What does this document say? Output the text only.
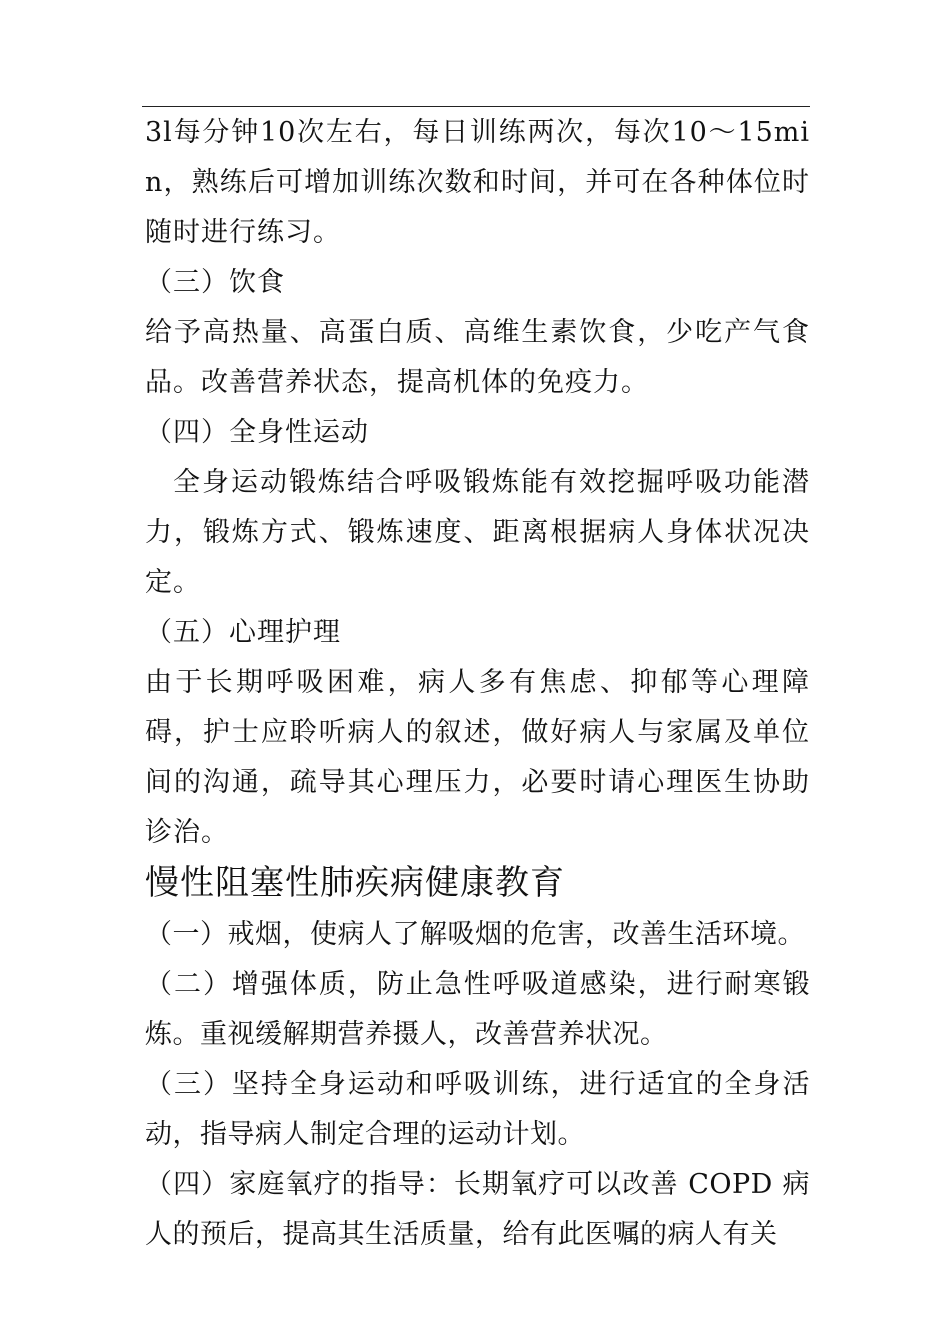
3l每分钟10次左右，每日训练两次，每次10～15min，熟练后可增加训练次数和时间，并可在各种体位时随时进行练习。

（三）饮食

给予高热量、高蛋白质、高维生素饮食，少吃产气食品。改善营养状态，提高机体的免疫力。

（四）全身性运动

全身运动锻炼结合呼吸锻炼能有效挖掘呼吸功能潜力，锻炼方式、锻炼速度、距离根据病人身体状况决定。

（五）心理护理

由于长期呼吸困难，病人多有焦虑、抑郁等心理障碍，护士应聆听病人的叙述，做好病人与家属及单位间的沟通，疏导其心理压力，必要时请心理医生协助诊治。

慢性阻塞性肺疾病健康教育

（一）戒烟，使病人了解吸烟的危害，改善生活环境。

（二）增强体质，防止急性呼吸道感染，进行耐寒锻炼。重视缓解期营养摄人，改善营养状况。

（三）坚持全身运动和呼吸训练，进行适宜的全身活动，指导病人制定合理的运动计划。

（四）家庭氧疗的指导：长期氧疗可以改善 COPD 病人的预后，提高其生活质量，给有此医嘱的病人有关
